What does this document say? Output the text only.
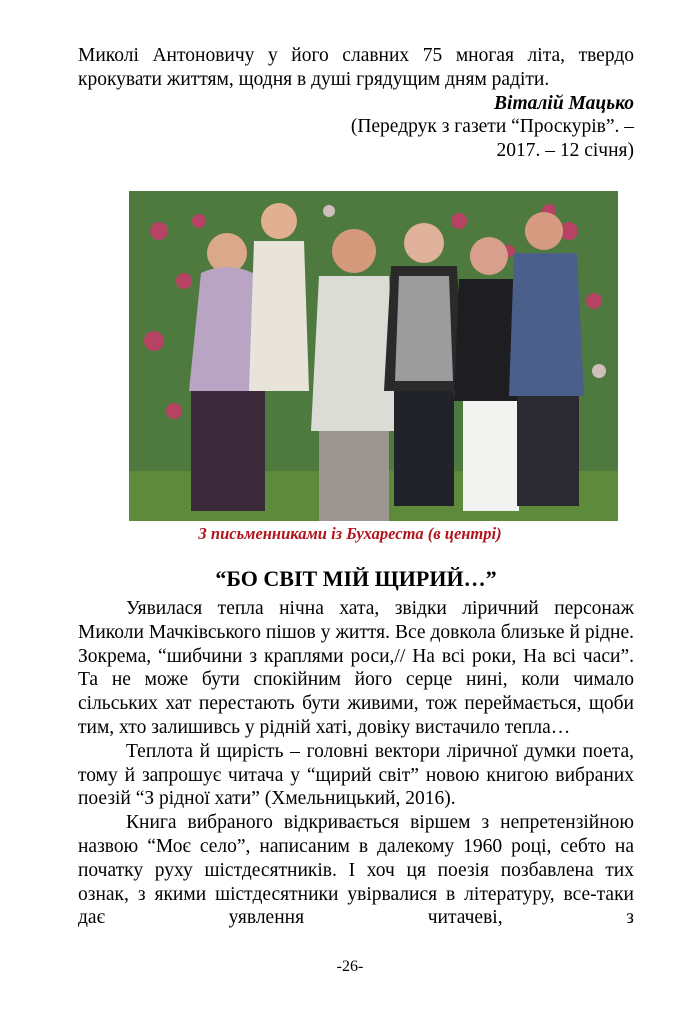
Миколі Антоновичу у його славних 75 многая літа, твердо

крокувати життям, щодня в душі грядущим дням радіти.

Віталій Мацько

(Передрук з газети “Проскурів”. –

2017. – 12 січня)

З письменниками із Бухареста (в центрі)
“БО СВІТ МІЙ ЩИРИЙ…”

Уявилася тепла нічна хата, звідки ліричний персонаж Миколи Мачківського пішов у життя. Все довкола близьке й рідне. Зокрема, “шибчини з краплями роси,// На всі роки, На всі часи”. Та не може бути спокійним його серце нині, коли чимало сільських хат перестають бути живими, тож переймається, щоби тим, хто залишивсь у рідній хаті, довіку вистачило тепла…

Теплота й щирість – головні вектори ліричної думки поета, тому й запрошує читача у “щирий світ” новою книгою вибраних поезій “З рідної хати” (Хмельницький, 2016).

Книга вибраного відкривається віршем з непретензійною назвою “Моє село”, написаним в далекому 1960 році, себто на початку руху шістдесятників. І хоч ця поезія позбавлена тих ознак, з якими шістдесятники увірвалися в літературу, все-таки дає уявлення читачеві, з

-26-
